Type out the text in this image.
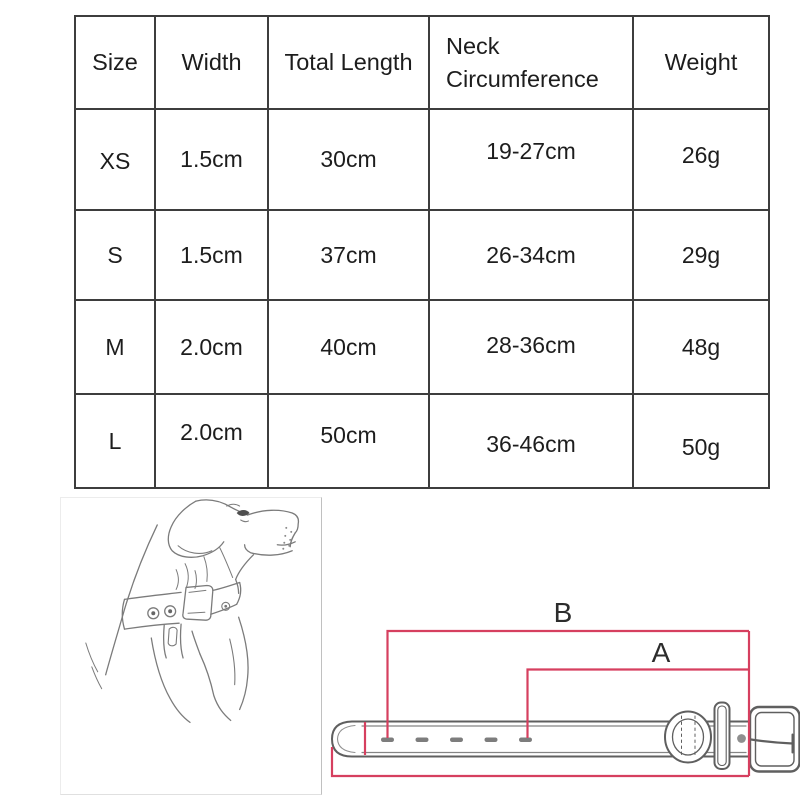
Size	Width	Total Length	Neck Circumference	Weight
XS	1.5cm	30cm	19-27cm	26g
S	1.5cm	37cm	26-34cm	29g
M	2.0cm	40cm	28-36cm	48g
L	2.0cm	50cm	36-46cm	50g
B
A
